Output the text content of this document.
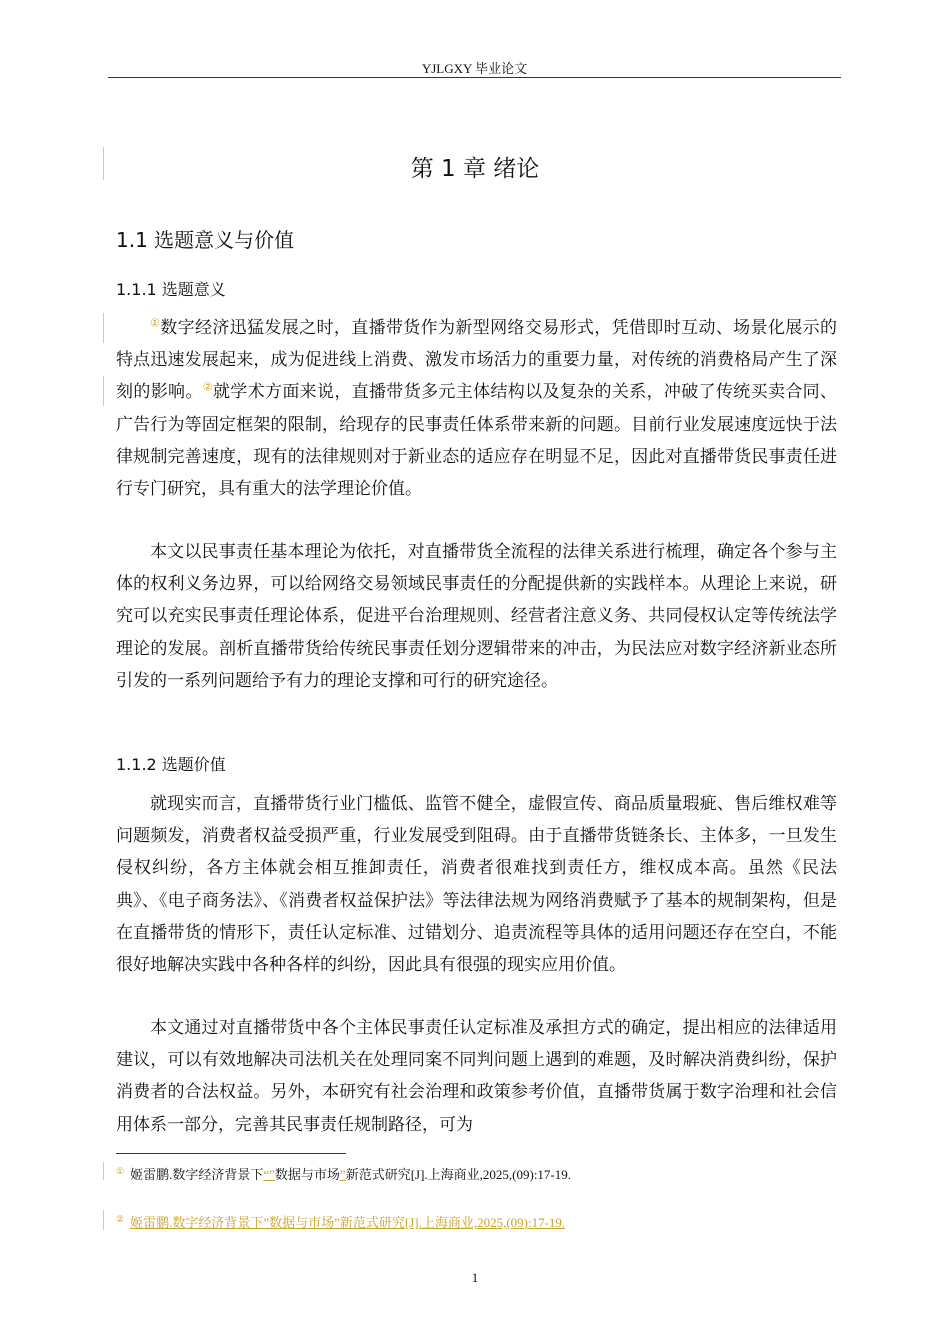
YJLGXY 毕业论文
第 1 章 绪论
1.1 选题意义与价值
1.1.1 选题意义

①数字经济迅猛发展之时，直播带货作为新型网络交易形式，凭借即时互动、场景化展示的特点迅速发展起来，成为促进线上消费、激发市场活力的重要力量，对传统的消费格局产生了深刻的影响。②就学术方面来说，直播带货多元主体结构以及复杂的关系，冲破了传统买卖合同、广告行为等固定框架的限制，给现存的民事责任体系带来新的问题。目前行业发展速度远快于法律规制完善速度，现有的法律规则对于新业态的适应存在明显不足，因此对直播带货民事责任进行专门研究，具有重大的法学理论价值。

本文以民事责任基本理论为依托，对直播带货全流程的法律关系进行梳理，确定各个参与主体的权利义务边界，可以给网络交易领域民事责任的分配提供新的实践样本。从理论上来说，研究可以充实民事责任理论体系，促进平台治理规则、经营者注意义务、共同侵权认定等传统法学理论的发展。剖析直播带货给传统民事责任划分逻辑带来的冲击，为民法应对数字经济新业态所引发的一系列问题给予有力的理论支撑和可行的研究途径。

1.1.2 选题价值

就现实而言，直播带货行业门槛低、监管不健全，虚假宣传、商品质量瑕疵、售后维权难等问题频发，消费者权益受损严重，行业发展受到阻碍。由于直播带货链条长、主体多，一旦发生侵权纠纷，各方主体就会相互推卸责任，消费者很难找到责任方，维权成本高。虽然《民法典》、《电子商务法》、《消费者权益保护法》等法律法规为网络消费赋予了基本的规制架构，但是在直播带货的情形下，责任认定标准、过错划分、追责流程等具体的适用问题还存在空白，不能很好地解决实践中各种各样的纠纷，因此具有很强的现实应用价值。

本文通过对直播带货中各个主体民事责任认定标准及承担方式的确定，提出相应的法律适用建议，可以有效地解决司法机关在处理同案不同判问题上遇到的难题，及时解决消费纠纷，保护消费者的合法权益。另外，本研究有社会治理和政策参考价值，直播带货属于数字治理和社会信用体系一部分，完善其民事责任规制路径，可为

① 姬雷鹏.数字经济背景下“”数据与市场”新范式研究[J].上海商业,2025,(09):17-19.
② 姬雷鹏.数字经济背景下”数据与市场”新范式研究[J].上海商业,2025,(09):17-19.
1
